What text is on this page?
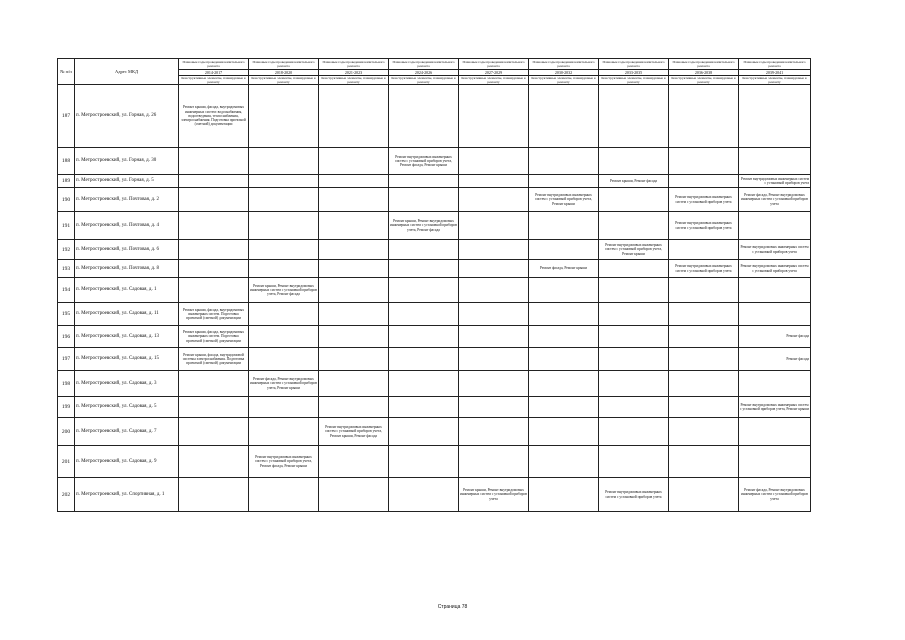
№ п/п	Адрес МКД	Плановые годы проведения капитального ремонта	Плановые годы проведения капитального ремонта	Плановые годы проведения капитального ремонта	Плановые годы проведения капитального ремонта	Плановые годы проведения капитального ремонта	Плановые годы проведения капитального ремонта	Плановые годы проведения капитального ремонта	Плановые годы проведения капитального ремонта	Плановые годы проведения капитального ремонта
		2014-2017	2018-2020	2021-2023	2024-2026	2027-2029	2030-2032	2033-2035	2036-2038	2039-2041
		Конструктивные элементы, планируемые к ремонту	Конструктивные элементы, планируемые к ремонту	Конструктивные элементы, планируемые к ремонту	Конструктивные элементы, планируемые к ремонту	Конструктивные элементы, планируемые к ремонту	Конструктивные элементы, планируемые к ремонту	Конструктивные элементы, планируемые к ремонту	Конструктивные элементы, планируемые к ремонту	Конструктивные элементы, планируемые к ремонту
187	п. Метростроевский, ул. Горная, д. 26	Ремонт крыши, фасада, внутридомовых инженерных систем: водоснабжения, водоотведения, теплоснабжения, электроснабжения. Подготовка проектной (сметной) документации								
188	п. Метростроевский, ул. Горная, д. 30				Ремонт внутридомовых инженерных систем с установкой приборов учета, Ремонт фасада, Ремонт крыши					
189	п. Метростроевский, ул. Горная, д. 5							Ремонт крыши, Ремонт фасада		Ремонт внутридомовых инженерных систем с установкой приборов учета
190	п. Метростроевский, ул. Почтовая, д. 2						Ремонт внутридомовых инженерных систем с установкой приборов учета, Ремонт крыши		Ремонт внутридомовых инженерных систем с установкой приборов учета	Ремонт фасада, Ремонт внутридомовых инженерных систем с установкой приборов учета
191	п. Метростроевский, ул. Почтовая, д. 4				Ремонт крыши, Ремонт внутридомовых инженерных систем с установкой приборов учета, Ремонт фасада				Ремонт внутридомовых инженерных систем с установкой приборов учета	
192	п. Метростроевский, ул. Почтовая, д. 6							Ремонт внутридомовых инженерных систем с установкой приборов учета, Ремонт крыши		Ремонт внутридомовых инженерных систем с установкой приборов учета
193	п. Метростроевский, ул. Почтовая, д. 8						Ремонт фасада, Ремонт крыши		Ремонт внутридомовых инженерных систем с установкой приборов учета	Ремонт внутридомовых инженерных систем с установкой приборов учета
194	п. Метростроевский, ул. Садовая, д. 1		Ремонт крыши, Ремонт внутридомовых инженерных систем с установкой приборов учета, Ремонт фасада							
195	п. Метростроевский, ул. Садовая, д. 11	Ремонт крыши, фасада, внутридомовых инженерных систем. Подготовка проектной (сметной) документации								
196	п. Метростроевский, ул. Садовая, д. 13	Ремонт крыши, фасада, внутридомовых инженерных систем. Подготовка проектной (сметной) документации								Ремонт фасада
197	п. Метростроевский, ул. Садовая, д. 15	Ремонт крыши, фасада, внутридомовой системы электроснабжения. Подготовка проектной (сметной) документации								Ремонт фасада
198	п. Метростроевский, ул. Садовая, д. 3		Ремонт фасада, Ремонт внутридомовых инженерных систем с установкой приборов учета, Ремонт крыши							
199	п. Метростроевский, ул. Садовая, д. 5									Ремонт внутридомовых инженерных систем с установкой приборов учета, Ремонт крыши
200	п. Метростроевский, ул. Садовая, д. 7			Ремонт внутридомовых инженерных систем с установкой приборов учета, Ремонт крыши, Ремонт фасада						
201	п. Метростроевский, ул. Садовая, д. 9		Ремонт внутридомовых инженерных систем с установкой приборов учета, Ремонт фасада, Ремонт крыши							
202	п. Метростроевский, ул. Спортивная, д. 1					Ремонт крыши, Ремонт внутридомовых инженерных систем с установкой приборов учета		Ремонт внутридомовых инженерных систем с установкой приборов учета		Ремонт фасада, Ремонт внутридомовых инженерных систем с установкой приборов учета
Страница 78
